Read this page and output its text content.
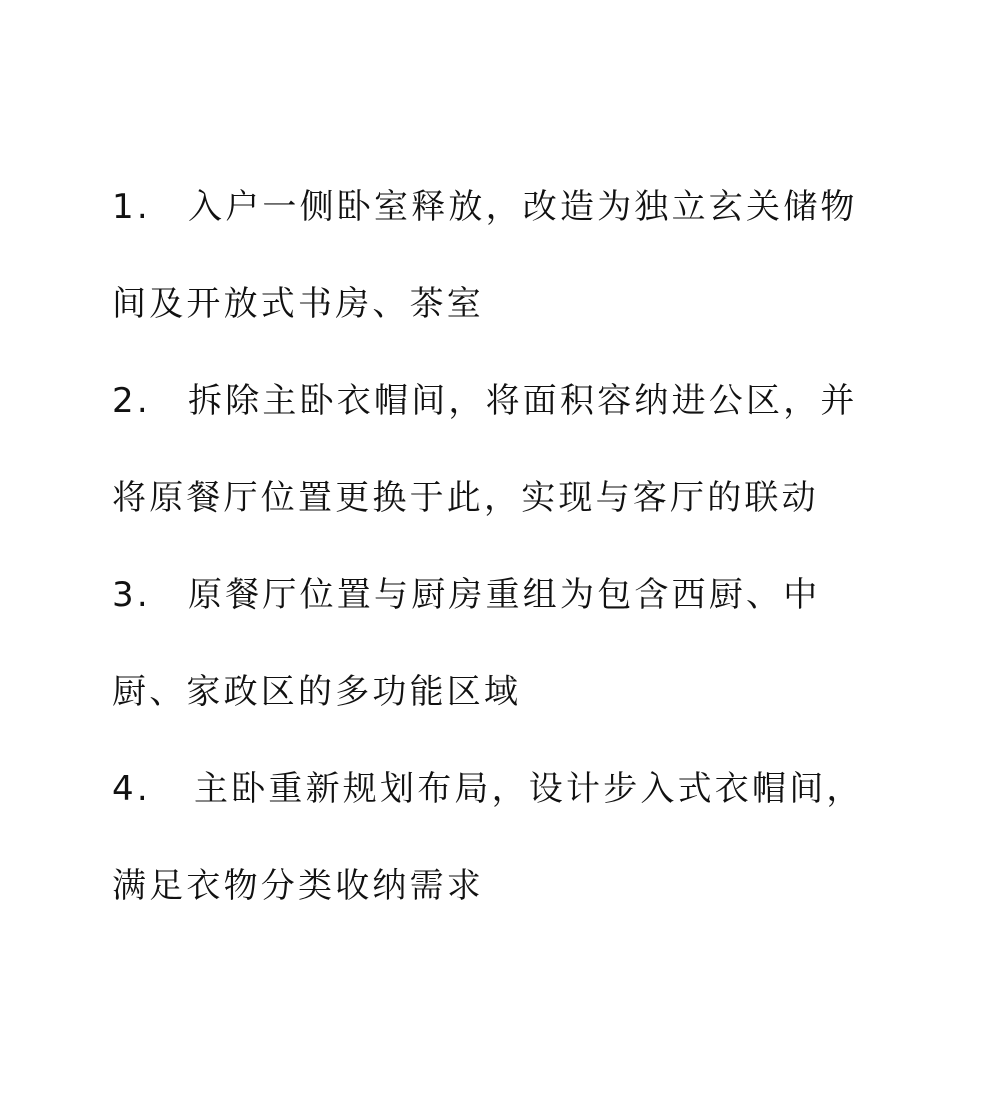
1. 入户一侧卧室释放，改造为独立玄关储物
间及开放式书房、茶室
2. 拆除主卧衣帽间，将面积容纳进公区，并
将原餐厅位置更换于此，实现与客厅的联动
3. 原餐厅位置与厨房重组为包含西厨、中
厨、家政区的多功能区域
4. 主卧重新规划布局，设计步入式衣帽间，
满足衣物分类收纳需求
